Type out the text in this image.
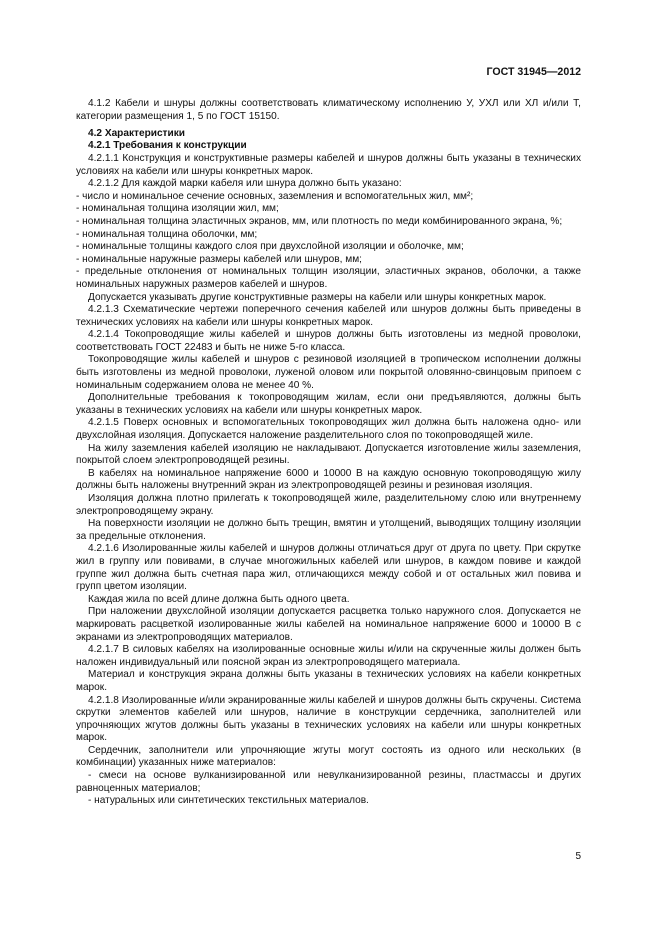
ГОСТ 31945—2012

4.1.2 Кабели и шнуры должны соответствовать климатическому исполнению У, УХЛ или ХЛ и/или Т, категории размещения 1, 5 по ГОСТ 15150.

4.2 Характеристики

4.2.1 Требования к конструкции

4.2.1.1 Конструкция и конструктивные размеры кабелей и шнуров должны быть указаны в технических условиях на кабели или шнуры конкретных марок.

4.2.1.2 Для каждой марки кабеля или шнура должно быть указано:

- число и номинальное сечение основных, заземления и вспомогательных жил, мм²;

- номинальная толщина изоляции жил, мм;

- номинальная толщина эластичных экранов, мм, или плотность по меди комбинированного экрана, %;

- номинальная толщина оболочки, мм;

- номинальные толщины каждого слоя при двухслойной изоляции и оболочке, мм;

- номинальные наружные размеры кабелей или шнуров, мм;

- предельные отклонения от номинальных толщин изоляции, эластичных экранов, оболочки, а также номинальных наружных размеров кабелей и шнуров.

Допускается указывать другие конструктивные размеры на кабели или шнуры конкретных марок.

4.2.1.3 Схематические чертежи поперечного сечения кабелей или шнуров должны быть приведены в технических условиях на кабели или шнуры конкретных марок.

4.2.1.4 Токопроводящие жилы кабелей и шнуров должны быть изготовлены из медной проволоки, соответствовать ГОСТ 22483 и быть не ниже 5-го класса.

Токопроводящие жилы кабелей и шнуров с резиновой изоляцией в тропическом исполнении должны быть изготовлены из медной проволоки, луженой оловом или покрытой оловянно-свинцовым припоем с номинальным содержанием олова не менее 40 %.

Дополнительные требования к токопроводящим жилам, если они предъявляются, должны быть указаны в технических условиях на кабели или шнуры конкретных марок.

4.2.1.5 Поверх основных и вспомогательных токопроводящих жил должна быть наложена одно- или двухслойная изоляция. Допускается наложение разделительного слоя по токопроводящей жиле.

На жилу заземления кабелей изоляцию не накладывают. Допускается изготовление жилы заземления, покрытой слоем электропроводящей резины.

В кабелях на номинальное напряжение 6000 и 10000 В на каждую основную токопроводящую жилу должны быть наложены внутренний экран из электропроводящей резины и резиновая изоляция.

Изоляция должна плотно прилегать к токопроводящей жиле, разделительному слою или внутреннему электропроводящему экрану.

На поверхности изоляции не должно быть трещин, вмятин и утолщений, выводящих толщину изоляции за предельные отклонения.

4.2.1.6 Изолированные жилы кабелей и шнуров должны отличаться друг от друга по цвету. При скрутке жил в группу или повивами, в случае многожильных кабелей или шнуров, в каждом повиве и каждой группе жил должна быть счетная пара жил, отличающихся между собой и от остальных жил повива и групп цветом изоляции.

Каждая жила по всей длине должна быть одного цвета.

При наложении двухслойной изоляции допускается расцветка только наружного слоя. Допускается не маркировать расцветкой изолированные жилы кабелей на номинальное напряжение 6000 и 10000 В с экранами из электропроводящих материалов.

4.2.1.7 В силовых кабелях на изолированные основные жилы и/или на скрученные жилы должен быть наложен индивидуальный или поясной экран из электропроводящего материала.

Материал и конструкция экрана должны быть указаны в технических условиях на кабели конкретных марок.

4.2.1.8 Изолированные и/или экранированные жилы кабелей и шнуров должны быть скручены. Система скрутки элементов кабелей или шнуров, наличие в конструкции сердечника, заполнителей или упрочняющих жгутов должны быть указаны в технических условиях на кабели или шнуры конкретных марок.

Сердечник, заполнители или упрочняющие жгуты могут состоять из одного или нескольких (в комбинации) указанных ниже материалов:

- смеси на основе вулканизированной или невулканизированной резины, пластмассы и других равноценных материалов;

- натуральных или синтетических текстильных материалов.

5
